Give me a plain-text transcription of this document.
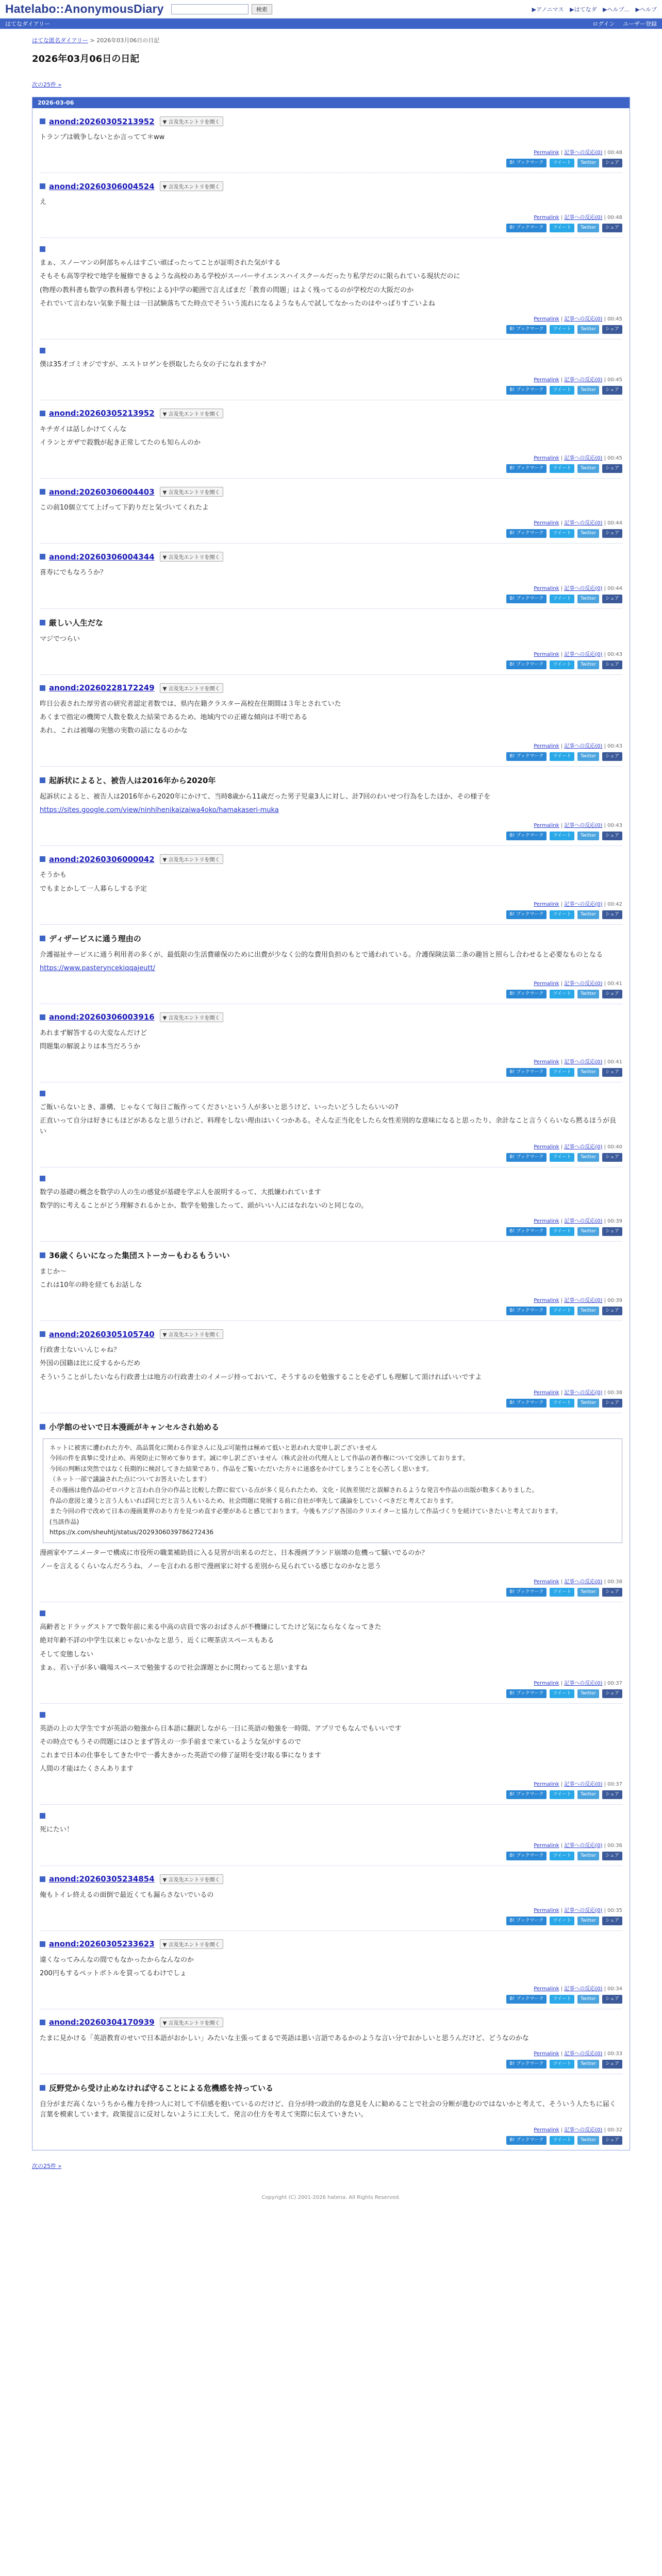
Hatelabo::AnonymousDiary	検索	▶アノニマス ▶はてなダ ▶ヘルプ... ▶ヘルプ
はてなダイアリー	ログイン ユーザー登録
はてな匿名ダイアリー > 2026年03月06日の日記
2026年03月06日の日記
次の25件 »
2026-03-06
anond:20260305213952	▼ 言及先エントリを開く

トランプは戦争しないとか言ってて＊ww

Permalink | 記事への反応(0) | 00:48
B! ブックマーク	ツイート	Twitter	シェア
anond:20260306004524	▼ 言及先エントリを開く

え

Permalink | 記事への反応(0) | 00:48
B! ブックマーク	ツイート	Twitter	シェア

まぁ、スノーマンの阿部ちゃんはすごい頑ばったってことが証明された気がする

そもそも高等学校で地学を履修できるような高校のある学校がスーパーサイエンスハイスクールだったり私学だのに限られている現状だのに

(物理の教科書も数学の教科書も学校による)中学の範囲で言えばまだ「教育の問題」はよく残ってるのが学校だの大阪だのか

それでいて言わない気象予報士は一日試験落ちてた時点でそういう流れになるようなもんで試してなかったのはやっぱりすごいよね

Permalink | 記事への反応(0) | 00:45
B! ブックマーク	ツイート	Twitter	シェア

僕は35才ゴミオジですが、エストロゲンを摂取したら女の子になれますか？

Permalink | 記事への反応(0) | 00:45
B! ブックマーク	ツイート	Twitter	シェア
anond:20260305213952	▼ 言及先エントリを開く

キチガイは話しかけてくんな

イランとガザで殺戮が起き正常してたのも知らんのか

Permalink | 記事への反応(0) | 00:45
B! ブックマーク	ツイート	Twitter	シェア
anond:20260306004403	▼ 言及先エントリを開く

この前10個立てて上げって下釣りだと気づいてくれたよ

Permalink | 記事への反応(0) | 00:44
B! ブックマーク	ツイート	Twitter	シェア
anond:20260306004344	▼ 言及先エントリを開く

喜寿にでもなろうか？

Permalink | 記事への反応(0) | 00:44
B! ブックマーク	ツイート	Twitter	シェア
厳しい人生だな

マジでつらい

Permalink | 記事への反応(0) | 00:43
B! ブックマーク	ツイート	Twitter	シェア
anond:20260228172249	▼ 言及先エントリを開く

昨日公表された厚労省の研究者認定者数では、県内在籍クラスター高校在住期間は３年とされていた

あくまで指定の機関で人数を数えた結果であるため、地域内での正確な傾向は不明である

あれ、これは被曝の実態の実数の話になるのかな

Permalink | 記事への反応(0) | 00:43
B! ブックマーク	ツイート	Twitter	シェア
起訴状によると、被告人は2016年から2020年

起訴状によると、被告人は2016年から2020年にかけて、当時8歳から11歳だった男子児童3人に対し、計7回のわいせつ行為をしたほか、その様子を

https://sites.google.com/view/ninhihenikaizaiwa4oko/hamakaseri-muka

Permalink | 記事への反応(0) | 00:43
B! ブックマーク	ツイート	Twitter	シェア
anond:20260306000042	▼ 言及先エントリを開く

そうかも

でもまとかして一人暮らしする予定

Permalink | 記事への反応(0) | 00:42
B! ブックマーク	ツイート	Twitter	シェア
ディザービスに通う理由の

介護福祉サービスに通う利用者の多くが、最低限の生活費確保のために出費が少なく公的な費用負担のもとで通われている。介護保険法第二条の趣旨と照らし合わせると必要なものとなる

https://www.pasteryncekiqqajeutt/

Permalink | 記事への反応(0) | 00:41
B! ブックマーク	ツイート	Twitter	シェア
anond:20260306003916	▼ 言及先エントリを開く

あれまず解答するの大変なんだけど

問題集の解説よりは本当だろうか

Permalink | 記事への反応(0) | 00:41
B! ブックマーク	ツイート	Twitter	シェア

ご飯いらないとき、誰構、じゃなくて毎日ご飯作ってくださいという人が多いと思うけど、いったいどうしたらいいの?

正直いって自分は好きにもほどがあるなと思うけれど、料理をしない理由はいくつかある。そんな正当化をしたら女性差別的な意味になると思ったり、余計なこと言うくらいなら黙るほうが良い

Permalink | 記事への反応(0) | 00:40
B! ブックマーク	ツイート	Twitter	シェア

数学の基礎の概念を数学の人の生の感覚が基礎を学ぶ人を説明するって、大抵嫌われています

数学的に考えることがどう理解されるかとか、数学を勉強したって、頭がいい人にはなれないのと同じなの。

Permalink | 記事への反応(0) | 00:39
B! ブックマーク	ツイート	Twitter	シェア
36歳くらいになった集団ストーカーもわるもういい

まじか～

これは10年の時を経てもお話しな

Permalink | 記事への反応(0) | 00:39
B! ブックマーク	ツイート	Twitter	シェア
anond:20260305105740	▼ 言及先エントリを開く

行政書士ないいんじゃね？

外国の国籍は比に反するからだめ

そういうことがしたいなら行政書士は地方の行政書士のイメージ持っておいて、そうするのを勉強することを必ずしも理解して頂ければいいですよ

Permalink | 記事への反応(0) | 00:38
B! ブックマーク	ツイート	Twitter	シェア
小学館のせいで日本漫画がキャンセルされ始める

ネットに被害に遭われた方や、高品質化に関わる作家さんに及ぶ可能性は極めて低いと思われ大変申し訳ございません

今回の件を真摯に受け止め、再発防止に努めて参ります。誠に申し訳ございません（株式会社の代理人として作品の著作権について交渉しております。

今回の判断は突然ではなく長期的に検討してきた結果であり、作品をご覧いただいた方々に迷惑をかけてしまうことを心苦しく思います。

（ネット一部で議論された点についてお答えいたします）

その漫画は他作品のゼロパクと言われ自分の作品と比較した際に似ている点が多く見られたため、文化・民族差別だと誤解されるような発言や作品の出版が数多くありました。

作品の意図と違うと言う人もいれば同じだと言う人もいるため、社会問題に発展する前に自社が率先して議論をしていくべきだと考えております。

また今回の件で改めて日本の漫画業界のあり方を見つめ直す必要があると感じております。今後もアジア各国のクリエイターと協力して作品づくりを続けていきたいと考えております。

(当該作品)

https://x.com/sheuhtj/status/2029306039786272436

漫画家やアニメーターで構成に市役所の職業補助員に入る見習が出来るのだと、日本漫画ブランド崩壊の危機って騒いでるのか？

ノーを言えるくらいなんだろうね、ノーを言われる形で漫画家に対する差別から見られている感じなのかなと思う

Permalink | 記事への反応(0) | 00:38
B! ブックマーク	ツイート	Twitter	シェア

高齢者とドラッグストアで数年前に来る中高の店員で客のおばさんが不機嫌にしてたけど気にならなくなってきた

絶対年齢不詳の中学生以来じゃないかなと思う、近くに喫茶店スペースもある

そして変態しない

まぁ、若い子が多い職場スペースで勉強するので社会課題とかに関わってると思いますね

Permalink | 記事への反応(0) | 00:37
B! ブックマーク	ツイート	Twitter	シェア

英語の上の大学生ですが英語の勉強から日本語に翻訳しながら一日に英語の勉強を一時間、アプリでもなんでもいいです

その時点でもうその問題にはひとまず答えの一歩手前まで来ているような気がするので

これまで日本の仕事をしてきた中で一番大きかった英語での修了証明を受け取る事になります

人間の才能はたくさんあります

Permalink | 記事への反応(0) | 00:37
B! ブックマーク	ツイート	Twitter	シェア

死にたい！

Permalink | 記事への反応(0) | 00:36
B! ブックマーク	ツイート	Twitter	シェア
anond:20260305234854	▼ 言及先エントリを開く

俺もトイレ終えるの面倒で最近くても漏らさないでいるの

Permalink | 記事への反応(0) | 00:35
B! ブックマーク	ツイート	Twitter	シェア
anond:20260305233623	▼ 言及先エントリを開く

違くなってみんなの間でもなかったからなんなのか

200円もするペットボトルを買ってるわけでしょ

Permalink | 記事への反応(0) | 00:34
B! ブックマーク	ツイート	Twitter	シェア
anond:20260304170939	▼ 言及先エントリを開く

たまに見かける「英語教育のせいで日本語がおかしい」みたいな主張ってまるで英語は悪い言語であるかのような言い分でおかしいと思うんだけど、どうなのかな

Permalink | 記事への反応(0) | 00:33
B! ブックマーク	ツイート	Twitter	シェア
反野党から受け止めなければ守ることによる危機感を持っている

自分がまだ高くないうちから権力を持つ人に対して不信感を抱いているのだけど、自分が持つ政治的な意見を人に勧めることで社会の分断が進むのではないかと考えて、そういう人たちに届く言葉を模索しています。政策提言に反対しないように工夫して、発言の仕方を考えて実際に伝えていきたい。

Permalink | 記事への反応(0) | 00:32
B! ブックマーク	ツイート	Twitter	シェア
次の25件 »
Copyright (C) 2001-2026 hatena. All Rights Reserved.
